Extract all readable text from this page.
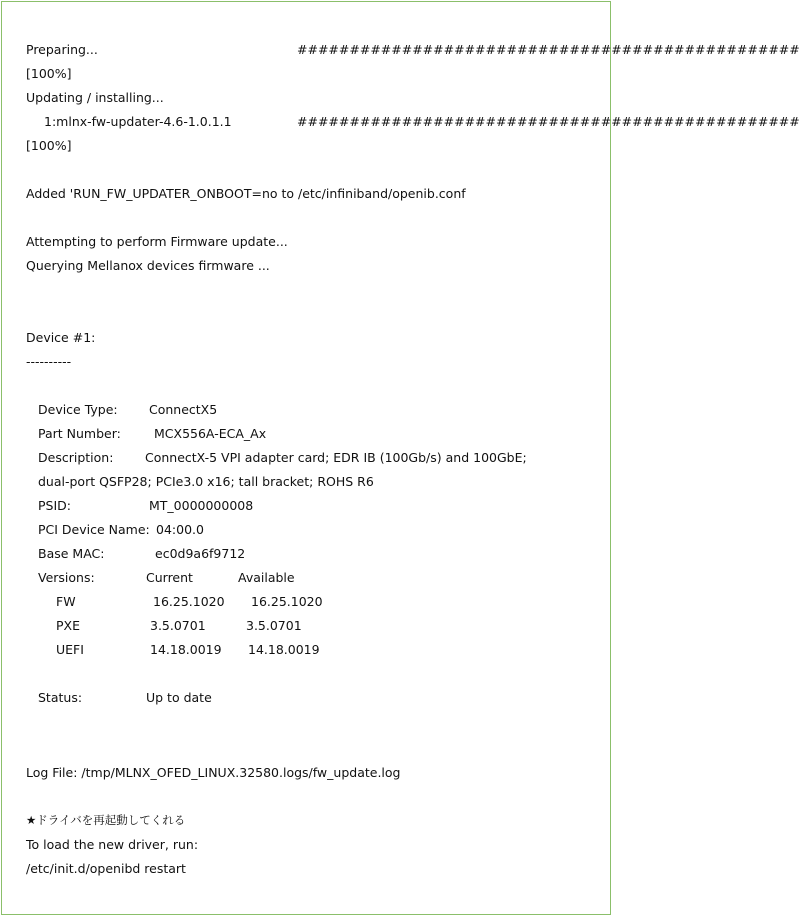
Preparing...	################################################
[100%]
Updating / installing...
1:mlnx-fw-updater-4.6-1.0.1.1	################################################
[100%]
Added 'RUN_FW_UPDATER_ONBOOT=no to /etc/infiniband/openib.conf
Attempting to perform Firmware update...
Querying Mellanox devices firmware ...
Device #1:
----------
Device Type:	ConnectX5
Part Number:	MCX556A-ECA_Ax
Description:	ConnectX-5 VPI adapter card; EDR IB (100Gb/s) and 100GbE;
dual-port QSFP28; PCIe3.0 x16; tall bracket; ROHS R6
PSID:	MT_0000000008
PCI Device Name: 04:00.0
Base MAC:	ec0d9a6f9712
Versions:	Current	Available
FW	16.25.1020 16.25.1020
PXE	3.5.0701	3.5.0701
UEFI	14.18.0019 14.18.0019
Status:	Up to date
Log File: /tmp/MLNX_OFED_LINUX.32580.logs/fw_update.log
★ドライバを再起動してくれる
To load the new driver, run:
/etc/init.d/openibd restart
